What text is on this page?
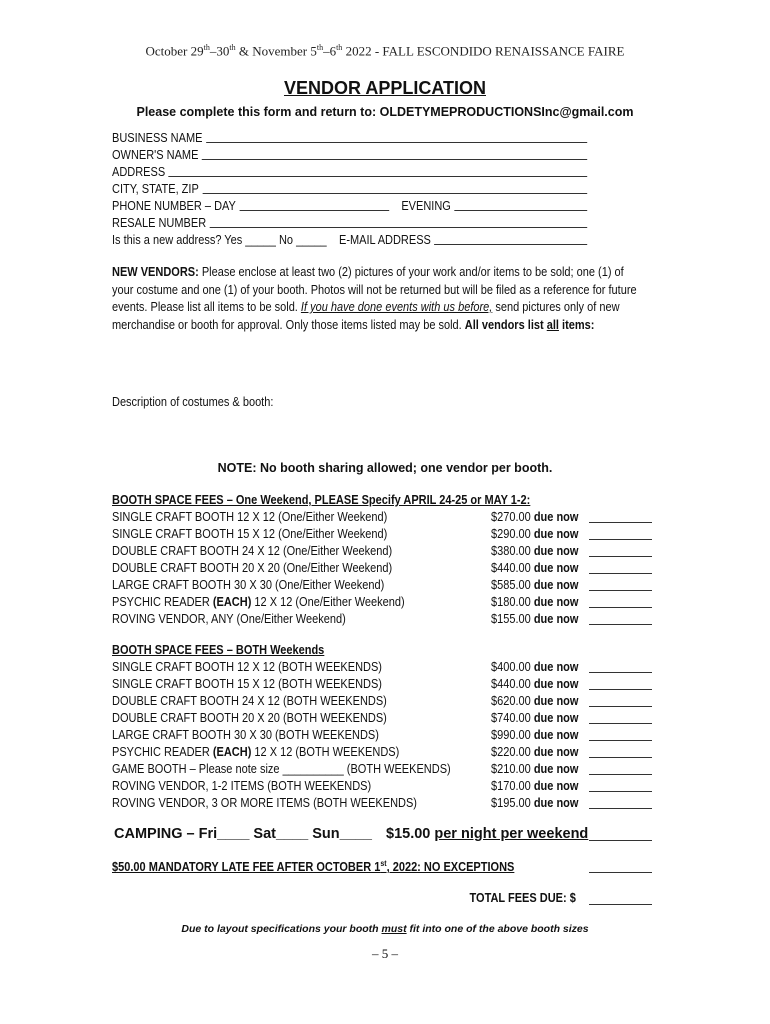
October 29th–30th & November 5th–6th 2022 - FALL ESCONDIDO RENAISSANCE FAIRE
VENDOR APPLICATION
Please complete this form and return to: OLDETYMEPRODUCTIONSInc@gmail.com
BUSINESS NAME
OWNER'S NAME
ADDRESS
CITY, STATE, ZIP
PHONE NUMBER – DAY	EVENING
RESALE NUMBER
Is this a new address? Yes _____ No _____ E-MAIL ADDRESS
NEW VENDORS: Please enclose at least two (2) pictures of your work and/or items to be sold; one (1) of your costume and one (1) of your booth. Photos will not be returned but will be filed as a reference for future events. Please list all items to be sold. If you have done events with us before, send pictures only of new merchandise or booth for approval. Only those items listed may be sold. All vendors list all items:
Description of costumes & booth:
NOTE: No booth sharing allowed; one vendor per booth.
BOOTH SPACE FEES – One Weekend, PLEASE Specify APRIL 24-25 or MAY 1-2:
SINGLE CRAFT BOOTH 12 X 12 (One/Either Weekend)	$270.00 due now
SINGLE CRAFT BOOTH 15 X 12 (One/Either Weekend)	$290.00 due now
DOUBLE CRAFT BOOTH 24 X 12 (One/Either Weekend)	$380.00 due now
DOUBLE CRAFT BOOTH 20 X 20 (One/Either Weekend)	$440.00 due now
LARGE CRAFT BOOTH 30 X 30 (One/Either Weekend)	$585.00 due now
PSYCHIC READER (EACH) 12 X 12 (One/Either Weekend)	$180.00 due now
ROVING VENDOR, ANY (One/Either Weekend)	$155.00 due now
BOOTH SPACE FEES – BOTH Weekends
SINGLE CRAFT BOOTH 12 X 12 (BOTH WEEKENDS)	$400.00 due now
SINGLE CRAFT BOOTH 15 X 12 (BOTH WEEKENDS)	$440.00 due now
DOUBLE CRAFT BOOTH 24 X 12 (BOTH WEEKENDS)	$620.00 due now
DOUBLE CRAFT BOOTH 20 X 20 (BOTH WEEKENDS)	$740.00 due now
LARGE CRAFT BOOTH 30 X 30 (BOTH WEEKENDS)	$990.00 due now
PSYCHIC READER (EACH) 12 X 12 (BOTH WEEKENDS)	$220.00 due now
GAME BOOTH – Please note size __________ (BOTH WEEKENDS)	$210.00 due now
ROVING VENDOR, 1-2 ITEMS (BOTH WEEKENDS)	$170.00 due now
ROVING VENDOR, 3 OR MORE ITEMS (BOTH WEEKENDS)	$195.00 due now
CAMPING – Fri____ Sat____ Sun____ $15.00 per night per weekend
$50.00 MANDATORY LATE FEE AFTER OCTOBER 1st, 2022: NO EXCEPTIONS
TOTAL FEES DUE: $
Due to layout specifications your booth must fit into one of the above booth sizes
– 5 –
